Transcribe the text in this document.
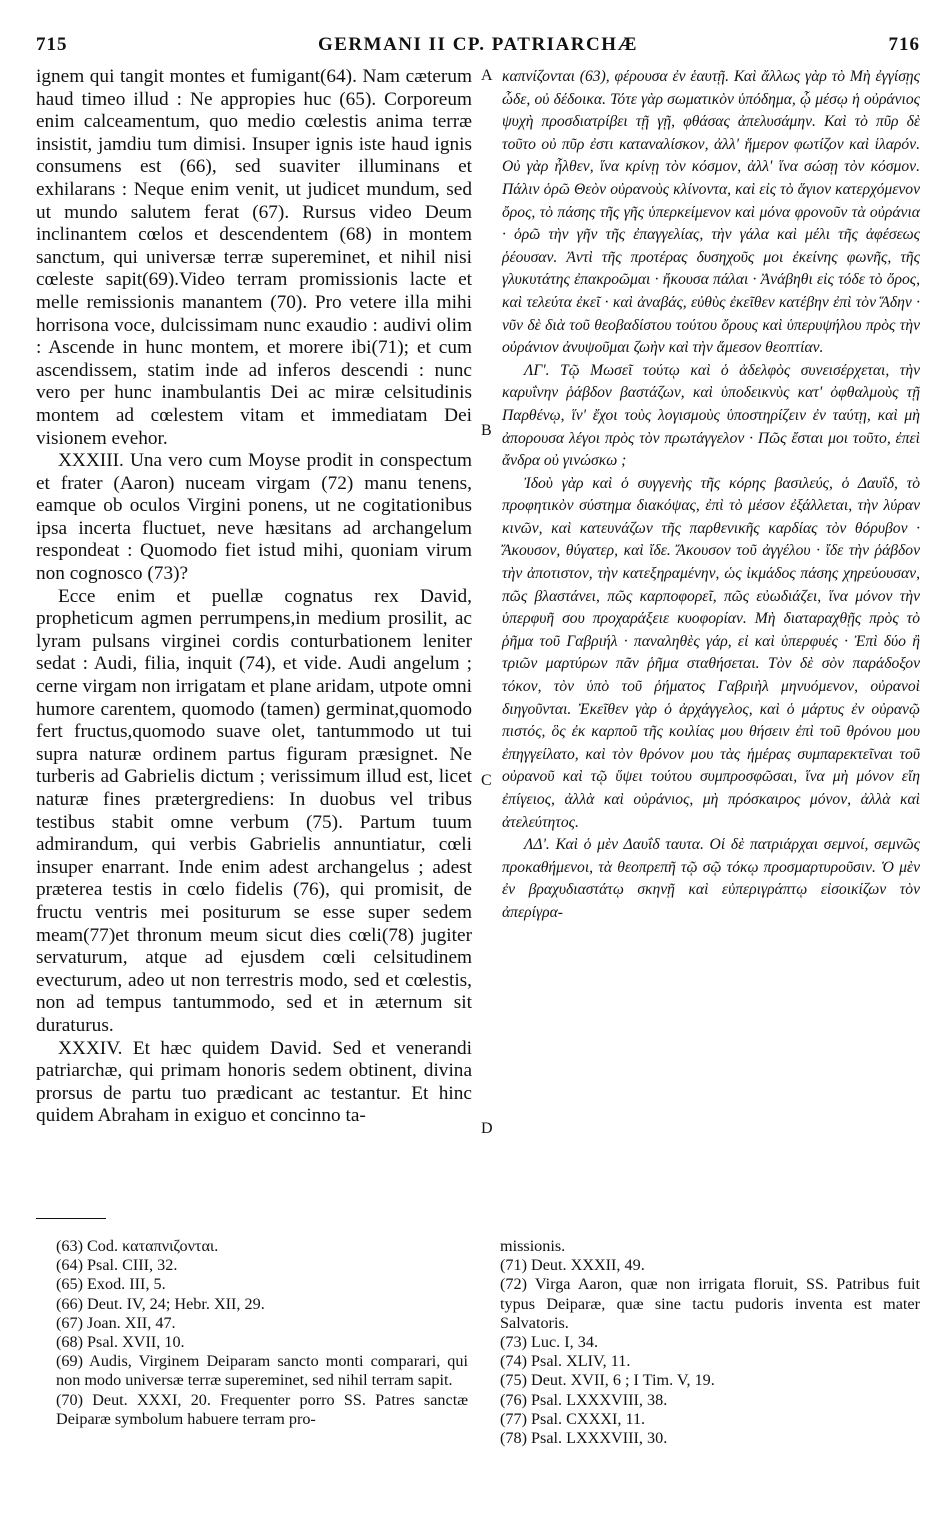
715	GERMANI II CP. PATRIARCHÆ	716

ignem qui tangit montes et fumigant(64). Nam cæterum haud timeo illud : Ne appropies huc (65). Corporeum enim calceamentum, quo medio cœlestis anima terræ insistit, jamdiu tum dimisi. Insuper ignis iste haud ignis consumens est (66), sed suaviter illuminans et exhilarans : Neque enim venit, ut judicet mundum, sed ut mundo salutem ferat (67). Rursus video Deum inclinantem cœlos et descendentem (68) in montem sanctum, qui universæ terræ supereminet, et nihil nisi cœleste sapit(69).Video terram promissionis lacte et melle remissionis manantem (70). Pro vetere illa mihi horrisona voce, dulcissimam nunc exaudio : audivi olim : Ascende in hunc montem, et morere ibi(71); et cum ascendissem, statim inde ad inferos descendi : nunc vero per hunc inambulantis Dei ac miræ celsitudinis montem ad cœlestem vitam et immediatam Dei visionem evehor.

XXXIII. Una vero cum Moyse prodit in conspectum et frater (Aaron) nuceam virgam (72) manu tenens, eamque ob oculos Virgini ponens, ut ne cogitationibus ipsa incerta fluctuet, neve hæsitans ad archangelum respondeat : Quomodo fiet istud mihi, quoniam virum non cognosco (73)?

Ecce enim et puellæ cognatus rex David, propheticum agmen perrumpens,in medium prosilit, ac lyram pulsans virginei cordis conturbationem leniter sedat : Audi, filia, inquit (74), et vide. Audi angelum ; cerne virgam non irrigatam et plane aridam, utpote omni humore carentem, quomodo (tamen) germinat,quomodo fert fructus,quomodo suave olet, tantummodo ut tui supra naturæ ordinem partus figuram præsignet. Ne turberis ad Gabrielis dictum ; verissimum illud est, licet naturæ fines prætergrediens: In duobus vel tribus testibus stabit omne verbum (75). Partum tuum admirandum, qui verbis Gabrielis annuntiatur, cœli insuper enarrant. Inde enim adest archangelus ; adest præterea testis in cœlo fidelis (76), qui promisit, de fructu ventris mei positurum se esse super sedem meam(77)et thronum meum sicut dies cœli(78) jugiter servaturum, atque ad ejusdem cœli celsitudinem evecturum, adeo ut non terrestris modo, sed et cœlestis, non ad tempus tantummodo, sed et in æternum sit duraturus.

XXXIV. Et hæc quidem David. Sed et venerandi patriarchæ, qui primam honoris sedem obtinent, divina prorsus de partu tuo prædicant ac testantur. Et hinc quidem Abraham in exiguo et concinno ta-

A
B
C
D

καπνίζονται (63), φέρουσα ἐν ἑαυτῇ. Καὶ ἄλλως γὰρ τὸ Μὴ ἐγγίσῃς ὧδε, οὐ δέδοικα. Τότε γὰρ σωματικὸν ὑπόδημα, ᾧ μέσῳ ἡ οὐράνιος ψυχὴ προσδιατρίβει τῇ γῇ, φθάσας ἀπελυσάμην. Καὶ τὸ πῦρ δὲ τοῦτο οὐ πῦρ ἐστι καταναλίσκον, ἀλλ' ἥμερον φωτίζον καὶ ἱλαρόν. Οὐ γὰρ ἦλθεν, ἵνα κρίνῃ τὸν κόσμον, ἀλλ' ἵνα σώσῃ τὸν κόσμον. Πάλιν ὁρῶ Θεὸν οὐρανοὺς κλίνοντα, καὶ εἰς τὸ ἅγιον κατερχόμενον ὄρος, τὸ πάσης τῆς γῆς ὑπερκείμενον καὶ μόνα φρονοῦν τὰ οὐράνια · ὁρῶ τὴν γῆν τῆς ἐπαγγελίας, τὴν γάλα καὶ μέλι τῆς ἀφέσεως ῥέουσαν. Ἀντὶ τῆς προτέρας δυσηχοῦς μοι ἐκείνης φωνῆς, τῆς γλυκυτάτης ἐπακροῶμαι · ἤκουσα πάλαι · Ἀνάβηθι εἰς τόδε τὸ ὄρος, καὶ τελεύτα ἐκεῖ · καὶ ἀναβάς, εὐθὺς ἐκεῖθεν κατέβην ἐπὶ τὸν Ἅδην · νῦν δὲ διὰ τοῦ θεοβαδίστου τούτου ὄρους καὶ ὑπερυψήλου πρὸς τὴν οὐράνιον ἀνυψοῦμαι ζωὴν καὶ τὴν ἄμεσον θεοπτίαν.

ΛΓ'. Τῷ Μωσεῖ τούτῳ καὶ ὁ ἀδελφὸς συνεισέρχεται, τὴν καρυΐνην ῥάβδον βαστάζων, καὶ ὑποδεικνὺς κατ' ὀφθαλμοὺς τῇ Παρθένῳ, ἵν' ἔχοι τοὺς λογισμοὺς ὑποστηρίζειν ἐν ταύτῃ, καὶ μὴ ἀπορουσα λέγοι πρὸς τὸν πρωτάγγελον · Πῶς ἔσται μοι τοῦτο, ἐπεὶ ἄνδρα οὐ γινώσκω ;

Ἰδοὺ γὰρ καὶ ὁ συγγενὴς τῆς κόρης βασιλεύς, ὁ Δαυΐδ, τὸ προφητικὸν σύστημα διακόψας, ἐπὶ τὸ μέσον ἐξάλλεται, τὴν λύραν κινῶν, καὶ κατευνάζων τῆς παρθενικῆς καρδίας τὸν θόρυβον · Ἄκουσον, θύγατερ, καὶ ἴδε. Ἄκουσον τοῦ ἀγγέλου · ἴδε τὴν ῥάβδον τὴν ἀποτιστον, τὴν κατεξηραμένην, ὡς ἰκμάδος πάσης χηρεύουσαν, πῶς βλαστάνει, πῶς καρποφορεῖ, πῶς εὐωδιάζει, ἵνα μόνον τὴν ὑπερφυῆ σου προχαράξειε κυοφορίαν. Μὴ διαταραχθῇς πρὸς τὸ ῥῆμα τοῦ Γαβριήλ · παναληθὲς γάρ, εἰ καὶ ὑπερφυές · Ἐπὶ δύο ἢ τριῶν μαρτύρων πᾶν ῥῆμα σταθήσεται. Τὸν δὲ σὸν παράδοξον τόκον, τὸν ὑπὸ τοῦ ῥήματος Γαβριὴλ μηνυόμενον, οὐρανοὶ διηγοῦνται. Ἐκεῖθεν γὰρ ὁ ἀρχάγγελος, καὶ ὁ μάρτυς ἐν οὐρανῷ πιστός, ὃς ἐκ καρποῦ τῆς κοιλίας μου θήσειν ἐπὶ τοῦ θρόνου μου ἐπηγγείλατο, καὶ τὸν θρόνον μου τὰς ἡμέρας συμπαρεκτεῖναι τοῦ οὐρανοῦ καὶ τῷ ὕψει τούτου συμπροσφῶσαι, ἵνα μὴ μόνον εἴη ἐπίγειος, ἀλλὰ καὶ οὐράνιος, μὴ πρόσκαιρος μόνον, ἀλλὰ καὶ ἀτελεύτητος.

ΛΔ'. Καὶ ὁ μὲν Δαυΐδ ταυτα. Οἱ δὲ πατριάρχαι σεμνοί, σεμνῶς προκαθήμενοι, τὰ θεοπρεπῆ τῷ σῷ τόκῳ προσμαρτυροῦσιν. Ὁ μὲν ἐν βραχυδιαστάτῳ σκηνῇ καὶ εὐπεριγράπτῳ εἰσοικίζων τὸν ἀπερίγρα-

(63) Cod. καταπνιζονται.

(64) Psal. CIII, 32.

(65) Exod. III, 5.

(66) Deut. IV, 24; Hebr. XII, 29.

(67) Joan. XII, 47.

(68) Psal. XVII, 10.

(69) Audis, Virginem Deiparam sancto monti comparari, qui non modo universæ terræ supereminet, sed nihil terram sapit.

(70) Deut. XXXI, 20. Frequenter porro SS. Patres sanctæ Deiparæ symbolum habuere terram pro-

missionis.

(71) Deut. XXXII, 49.

(72) Virga Aaron, quæ non irrigata floruit, SS. Patribus fuit typus Deiparæ, quæ sine tactu pudoris inventa est mater Salvatoris.

(73) Luc. I, 34.

(74) Psal. XLIV, 11.

(75) Deut. XVII, 6 ; I Tim. V, 19.

(76) Psal. LXXXVIII, 38.

(77) Psal. CXXXI, 11.

(78) Psal. LXXXVIII, 30.
